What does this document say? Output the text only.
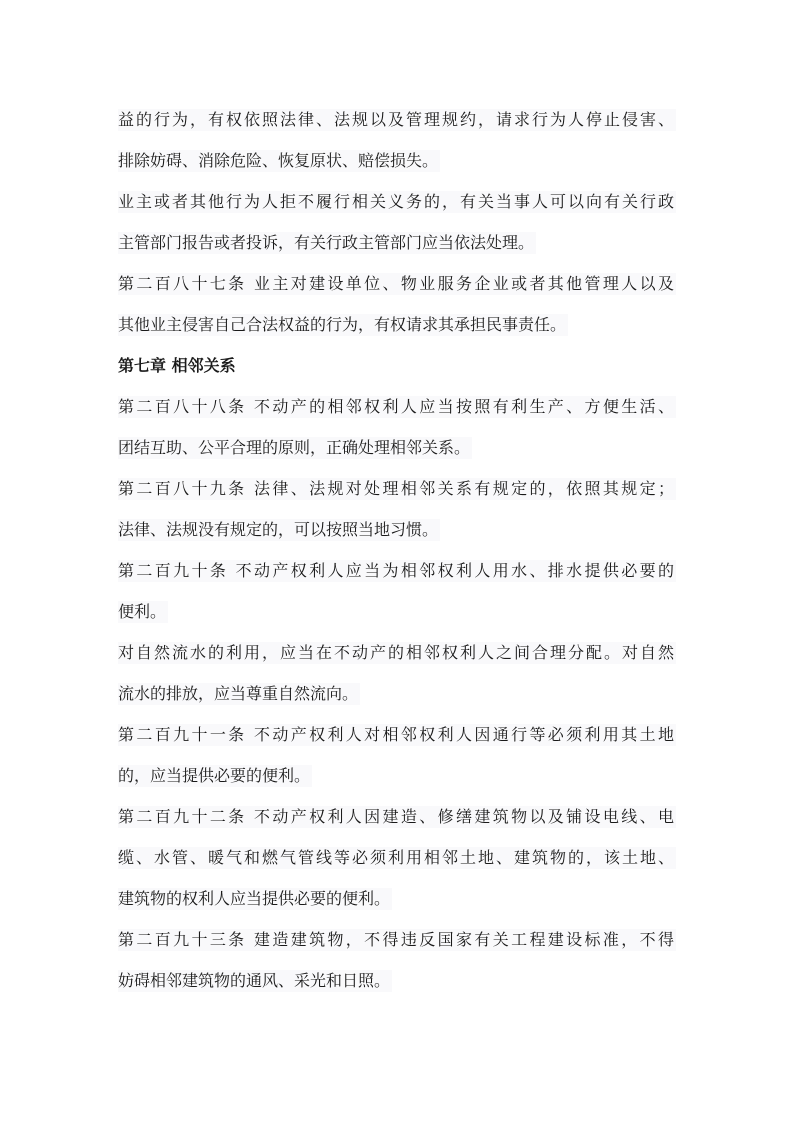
益的行为，有权依照法律、法规以及管理规约，请求行为人停止侵害、
排除妨碍、消除危险、恢复原状、赔偿损失。
业主或者其他行为人拒不履行相关义务的，有关当事人可以向有关行政
主管部门报告或者投诉，有关行政主管部门应当依法处理。
第二百八十七条 业主对建设单位、物业服务企业或者其他管理人以及
其他业主侵害自己合法权益的行为，有权请求其承担民事责任。
第七章 相邻关系
第二百八十八条 不动产的相邻权利人应当按照有利生产、方便生活、
团结互助、公平合理的原则，正确处理相邻关系。
第二百八十九条 法律、法规对处理相邻关系有规定的，依照其规定；
法律、法规没有规定的，可以按照当地习惯。
第二百九十条 不动产权利人应当为相邻权利人用水、排水提供必要的
便利。
对自然流水的利用，应当在不动产的相邻权利人之间合理分配。对自然
流水的排放，应当尊重自然流向。
第二百九十一条 不动产权利人对相邻权利人因通行等必须利用其土地
的，应当提供必要的便利。
第二百九十二条 不动产权利人因建造、修缮建筑物以及铺设电线、电
缆、水管、暖气和燃气管线等必须利用相邻土地、建筑物的，该土地、
建筑物的权利人应当提供必要的便利。
第二百九十三条 建造建筑物，不得违反国家有关工程建设标准，不得
妨碍相邻建筑物的通风、采光和日照。
